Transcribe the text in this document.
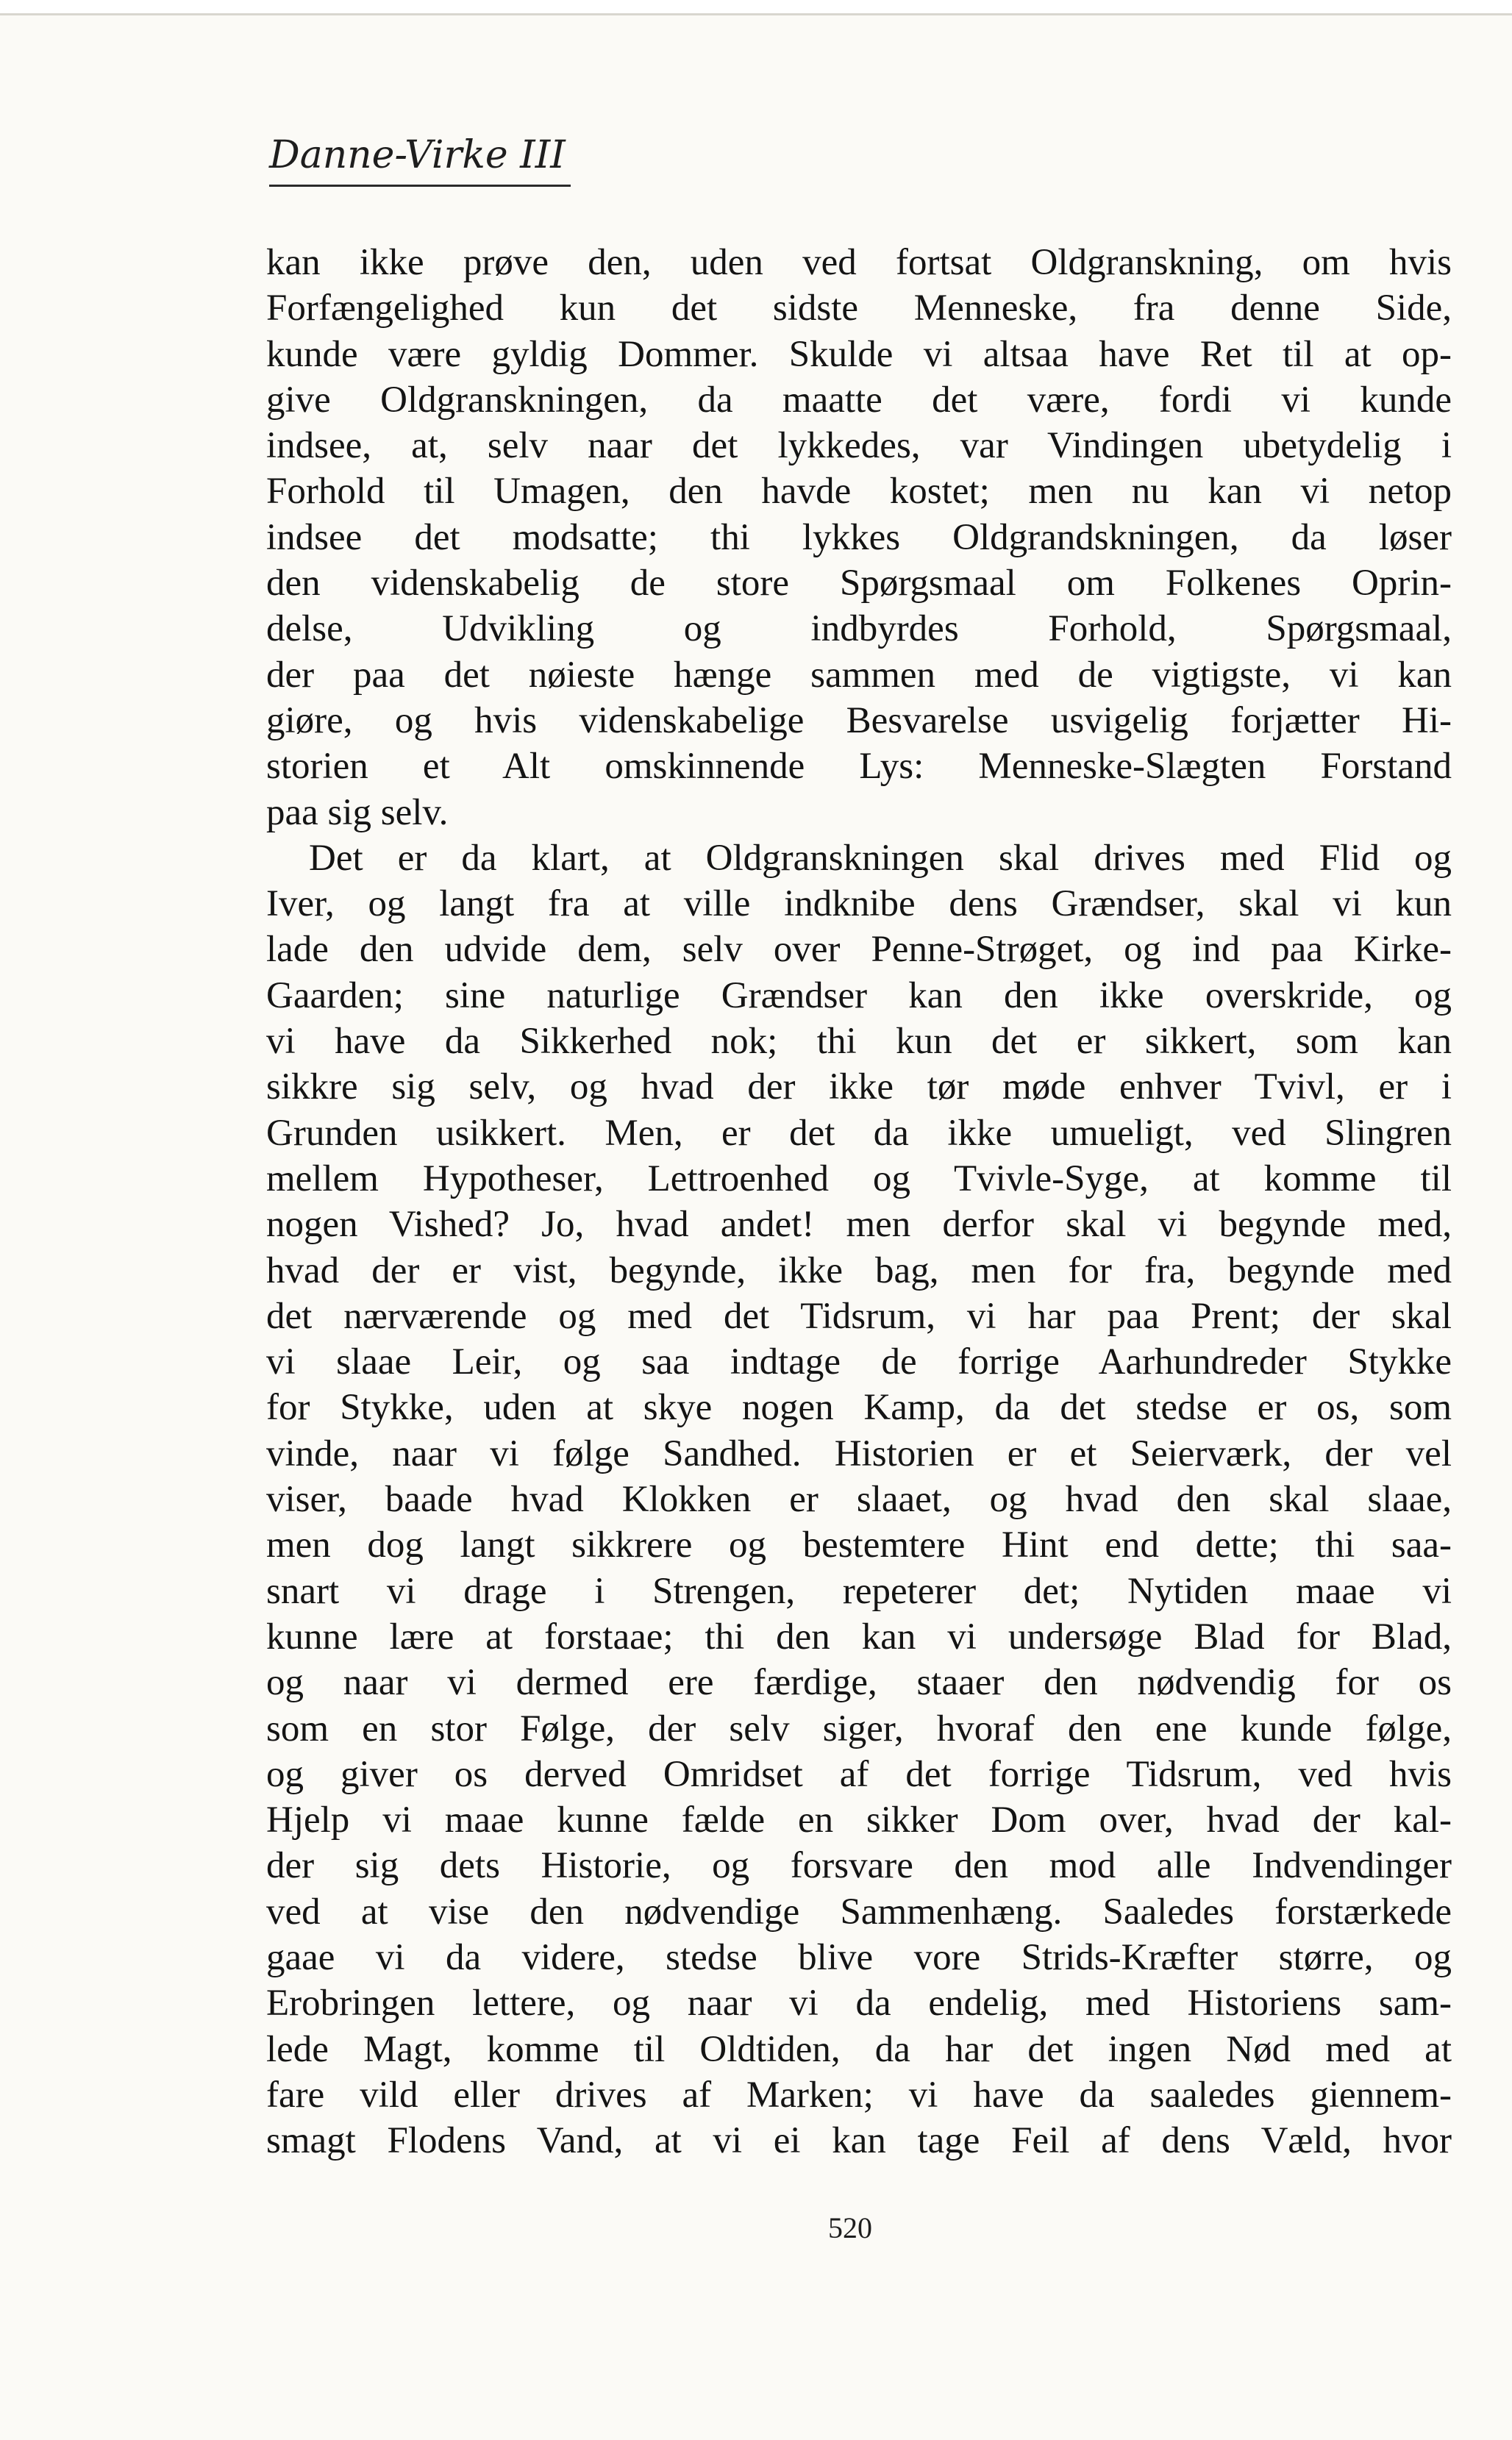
Danne-Virke III
kan ikke prøve den, uden ved fortsat Oldgranskning, om hvis
Forfængelighed kun det sidste Menneske, fra denne Side,
kunde være gyldig Dommer. Skulde vi altsaa have Ret til at op-
give Oldgranskningen, da maatte det være, fordi vi kunde
indsee, at, selv naar det lykkedes, var Vindingen ubetydelig i
Forhold til Umagen, den havde kostet; men nu kan vi netop
indsee det modsatte; thi lykkes Oldgrandskningen, da løser
den videnskabelig de store Spørgsmaal om Folkenes Oprin-
delse, Udvikling og indbyrdes Forhold, Spørgsmaal,
der paa det nøieste hænge sammen med de vigtigste, vi kan
giøre, og hvis videnskabelige Besvarelse usvigelig forjætter Hi-
storien et Alt omskinnende Lys: Menneske-Slægten Forstand
paa sig selv.
Det er da klart, at Oldgranskningen skal drives med Flid og
Iver, og langt fra at ville indknibe dens Grændser, skal vi kun
lade den udvide dem, selv over Penne-Strøget, og ind paa Kirke-
Gaarden; sine naturlige Grændser kan den ikke overskride, og
vi have da Sikkerhed nok; thi kun det er sikkert, som kan
sikkre sig selv, og hvad der ikke tør møde enhver Tvivl, er i
Grunden usikkert. Men, er det da ikke umueligt, ved Slingren
mellem Hypotheser, Lettroenhed og Tvivle-Syge, at komme til
nogen Vished? Jo, hvad andet! men derfor skal vi begynde med,
hvad der er vist, begynde, ikke bag, men for fra, begynde med
det nærværende og med det Tidsrum, vi har paa Prent; der skal
vi slaae Leir, og saa indtage de forrige Aarhundreder Stykke
for Stykke, uden at skye nogen Kamp, da det stedse er os, som
vinde, naar vi følge Sandhed. Historien er et Seierværk, der vel
viser, baade hvad Klokken er slaaet, og hvad den skal slaae,
men dog langt sikkrere og bestemtere Hint end dette; thi saa-
snart vi drage i Strengen, repeterer det; Nytiden maae vi
kunne lære at forstaae; thi den kan vi undersøge Blad for Blad,
og naar vi dermed ere færdige, staaer den nødvendig for os
som en stor Følge, der selv siger, hvoraf den ene kunde følge,
og giver os derved Omridset af det forrige Tidsrum, ved hvis
Hjelp vi maae kunne fælde en sikker Dom over, hvad der kal-
der sig dets Historie, og forsvare den mod alle Indvendinger
ved at vise den nødvendige Sammenhæng. Saaledes forstærkede
gaae vi da videre, stedse blive vore Strids-Kræfter større, og
Erobringen lettere, og naar vi da endelig, med Historiens sam-
lede Magt, komme til Oldtiden, da har det ingen Nød med at
fare vild eller drives af Marken; vi have da saaledes giennem-
smagt Flodens Vand, at vi ei kan tage Feil af dens Væld, hvor
520
